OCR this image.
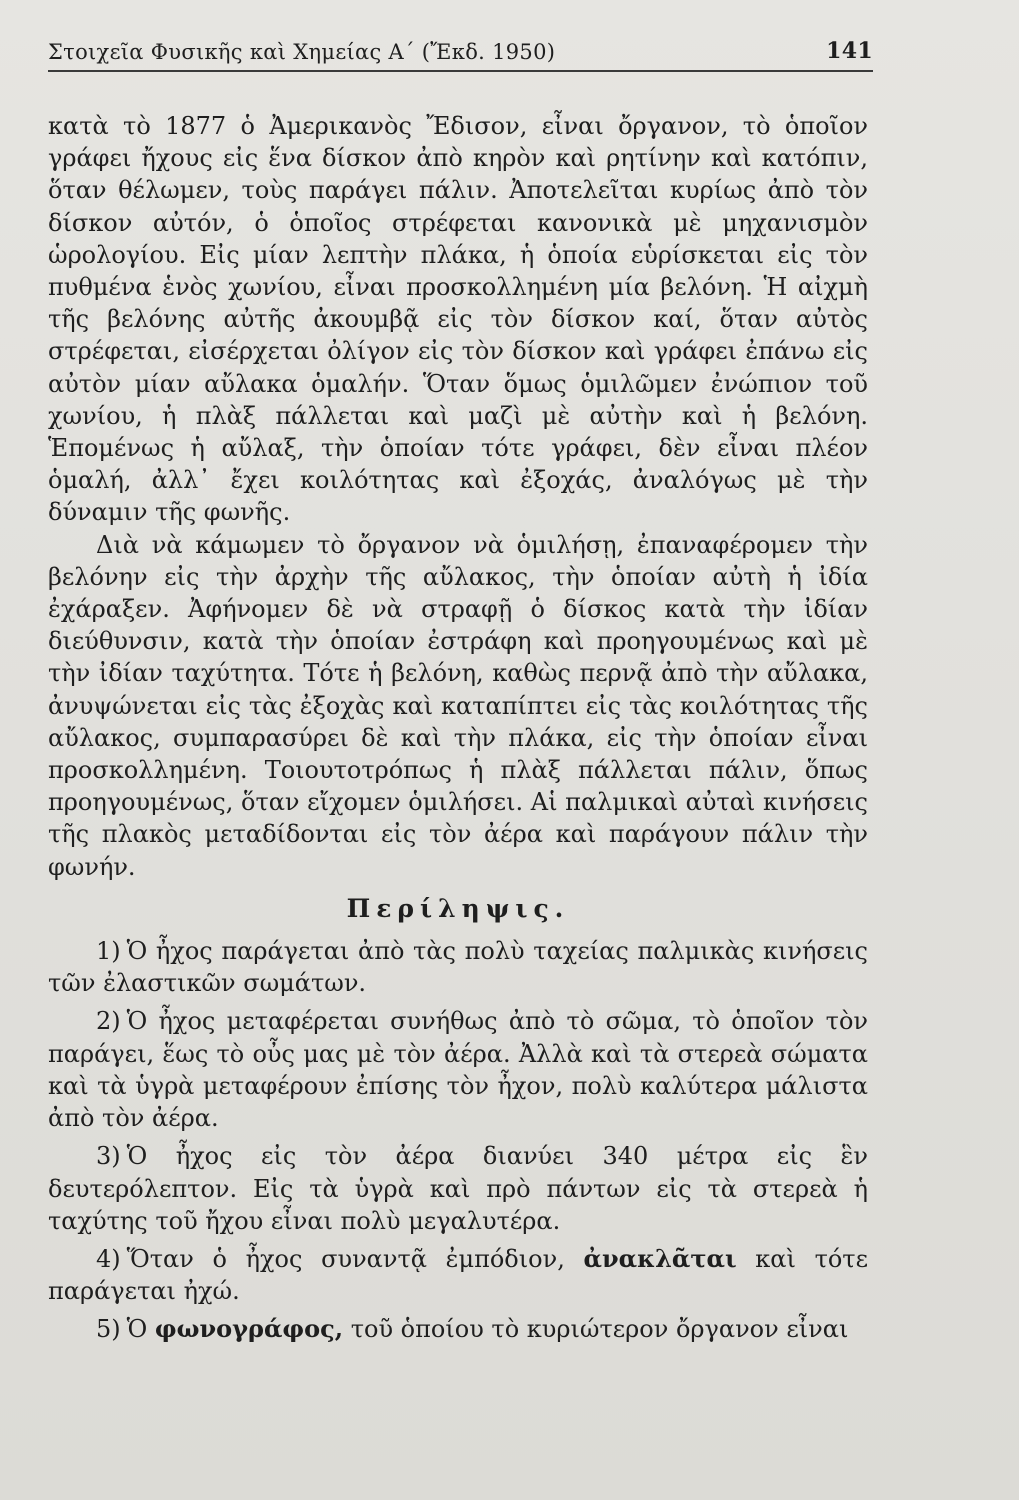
Στοιχεῖα Φυσικῆς καὶ Χημείας Α΄ (Ἔκδ. 1950)	141

κατὰ τὸ 1877 ὁ Ἀμερικανὸς Ἔδισον, εἶναι ὄργανον, τὸ ὁποῖον γράφει ἤχους εἰς ἕνα δίσκον ἀπὸ κηρὸν καὶ ρητίνην καὶ κατόπιν, ὅταν θέλωμεν, τοὺς παράγει πάλιν. Ἀποτελεῖται κυρίως ἀπὸ τὸν δίσκον αὐτόν, ὁ ὁποῖος στρέφεται κανονικὰ μὲ μηχανισμὸν ὡρολογίου. Εἰς μίαν λεπτὴν πλάκα, ἡ ὁποία εὑρίσκεται εἰς τὸν πυθμένα ἑνὸς χωνίου, εἶναι προσκολλημένη μία βελόνη. Ἡ αἰχμὴ τῆς βελόνης αὐτῆς ἀκουμβᾷ εἰς τὸν δίσκον καί, ὅταν αὐτὸς στρέφεται, εἰσέρχεται ὀλίγον εἰς τὸν δίσκον καὶ γράφει ἐπάνω εἰς αὐτὸν μίαν αὔλακα ὁμαλήν. Ὅταν ὅμως ὁμιλῶμεν ἐνώπιον τοῦ χωνίου, ἡ πλὰξ πάλλεται καὶ μαζὶ μὲ αὐτὴν καὶ ἡ βελόνη. Ἑπομένως ἡ αὔλαξ, τὴν ὁποίαν τότε γράφει, δὲν εἶναι πλέον ὁμαλή, ἀλλ᾽ ἔχει κοιλότητας καὶ ἐξοχάς, ἀναλόγως μὲ τὴν δύναμιν τῆς φωνῆς.

Διὰ νὰ κάμωμεν τὸ ὄργανον νὰ ὁμιλήσῃ, ἐπαναφέρομεν τὴν βελόνην εἰς τὴν ἀρχὴν τῆς αὔλακος, τὴν ὁποίαν αὐτὴ ἡ ἰδία ἐχάραξεν. Ἀφήνομεν δὲ νὰ στραφῇ ὁ δίσκος κατὰ τὴν ἰδίαν διεύθυνσιν, κατὰ τὴν ὁποίαν ἐστράφη καὶ προηγουμένως καὶ μὲ τὴν ἰδίαν ταχύτητα. Τότε ἡ βελόνη, καθὼς περνᾷ ἀπὸ τὴν αὔλακα, ἀνυψώνεται εἰς τὰς ἐξοχὰς καὶ καταπίπτει εἰς τὰς κοιλότητας τῆς αὔλακος, συμπαρασύρει δὲ καὶ τὴν πλάκα, εἰς τὴν ὁποίαν εἶναι προσκολλημένη. Τοιουτοτρόπως ἡ πλὰξ πάλλεται πάλιν, ὅπως προηγουμένως, ὅταν εἴχομεν ὁμιλήσει. Αἱ παλμικαὶ αὐταὶ κινήσεις τῆς πλακὸς μεταδίδονται εἰς τὸν ἀέρα καὶ παράγουν πάλιν τὴν φωνήν.

Περίληψις.

1) Ὁ ἦχος παράγεται ἀπὸ τὰς πολὺ ταχείας παλμικὰς κινήσεις τῶν ἐλαστικῶν σωμάτων.

2) Ὁ ἦχος μεταφέρεται συνήθως ἀπὸ τὸ σῶμα, τὸ ὁποῖον τὸν παράγει, ἕως τὸ οὖς μας μὲ τὸν ἀέρα. Ἀλλὰ καὶ τὰ στερεὰ σώματα καὶ τὰ ὑγρὰ μεταφέρουν ἐπίσης τὸν ἦχον, πολὺ καλύτερα μάλιστα ἀπὸ τὸν ἀέρα.

3) Ὁ ἦχος εἰς τὸν ἀέρα διανύει 340 μέτρα εἰς ἓν δευτερόλεπτον. Εἰς τὰ ὑγρὰ καὶ πρὸ πάντων εἰς τὰ στερεὰ ἡ ταχύτης τοῦ ἤχου εἶναι πολὺ μεγαλυτέρα.

4) Ὅταν ὁ ἦχος συναντᾷ ἐμπόδιον, ἀνακλᾶται καὶ τότε παράγεται ἠχώ.

5) Ὁ φωνογράφος, τοῦ ὁποίου τὸ κυριώτερον ὄργανον εἶναι
